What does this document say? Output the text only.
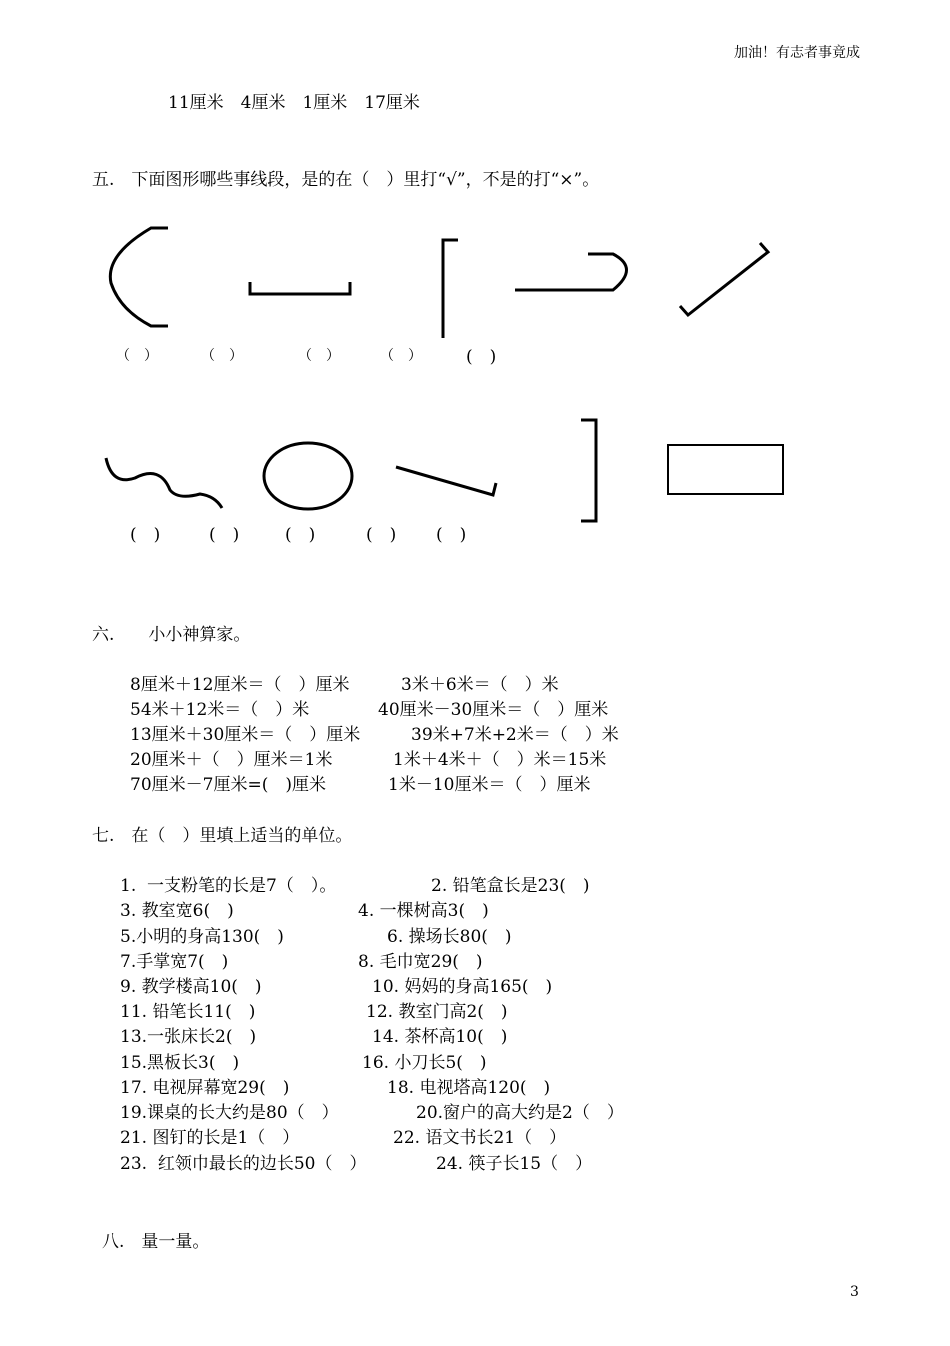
加油！有志者事竟成
11厘米　4厘米　1厘米　17厘米
五.　下面图形哪些事线段，是的在（　）里打“√”，不是的打“×”。
（　）	（　）	（　）	（　）	(　)
(　)	(　)	(　)	(　) (　)
六.　　小小神算家。
8厘米＋12厘米＝（　）厘米	3米＋6米＝（　）米
54米＋12米＝（　）米	40厘米－30厘米＝（　）厘米
13厘米＋30厘米＝（　）厘米	39米+7米+2米＝（　）米
20厘米＋（　）厘米＝1米	1米＋4米＋（　）米＝15米
70厘米－7厘米=(　)厘米	1米－10厘米＝（　）厘米
七.　在（　）里填上适当的单位。
1.  一支粉笔的长是7（　）。	2. 铅笔盒长是23(　)
3. 教室宽6(　)	4. 一棵树高3(　)
5.小明的身高130(　)	6. 操场长80(　)
7.手掌宽7(　)	8. 毛巾宽29(　)
9. 教学楼高10(　)	10. 妈妈的身高165(　)
11. 铅笔长11(　)	12. 教室门高2(　)
13.一张床长2(　)	14. 茶杯高10(　)
15.黑板长3(　)	16. 小刀长5(　)
17. 电视屏幕宽29(　)	18. 电视塔高120(　)
19.课桌的长大约是80（　）	20.窗户的高大约是2（　）
21. 图钉的长是1（　）	22. 语文书长21（　）
23.  红领巾最长的边长50（　）	24. 筷子长15（　）
八.　量一量。
3
